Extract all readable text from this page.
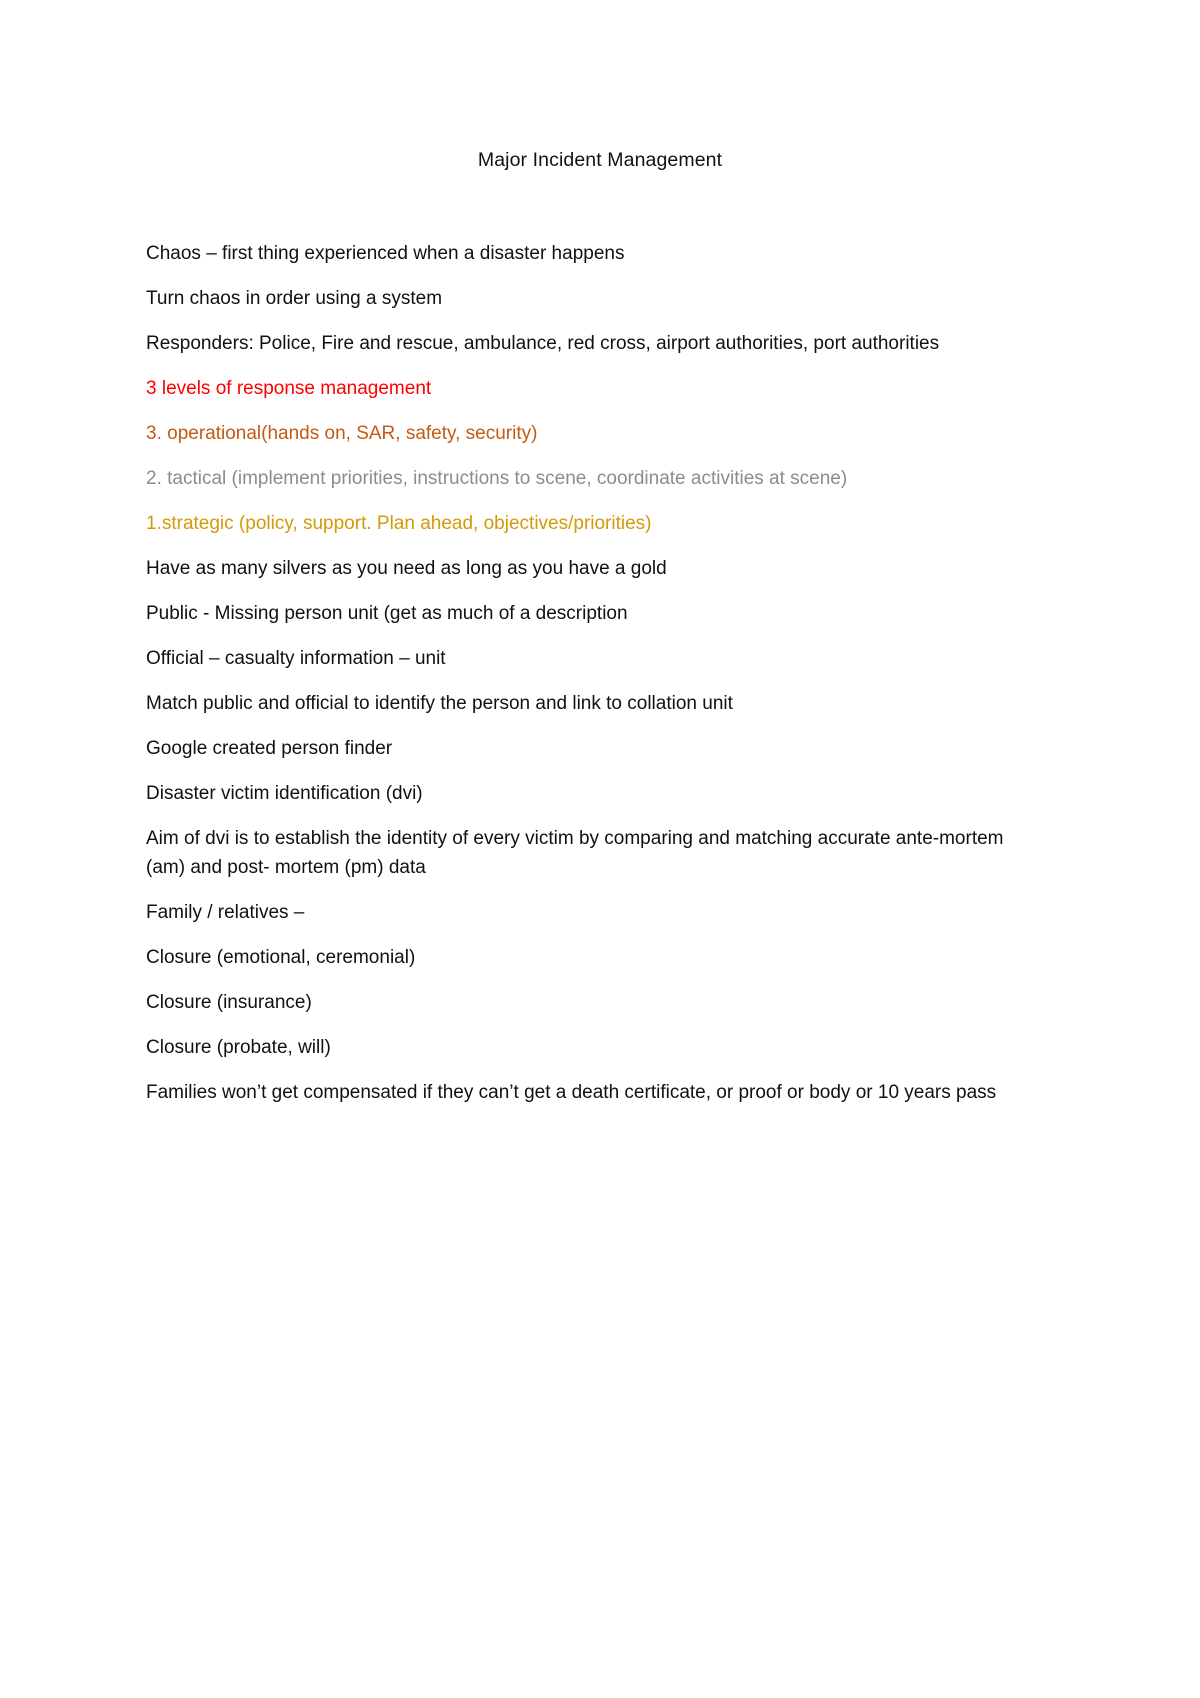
Major Incident Management

Chaos – first thing experienced when a disaster happens

Turn chaos in order using a system

Responders: Police, Fire and rescue, ambulance, red cross, airport authorities, port authorities

3 levels of response management

3. operational(hands on, SAR, safety, security)

2. tactical (implement priorities, instructions to scene, coordinate activities at scene)

1.strategic (policy, support. Plan ahead, objectives/priorities)

Have as many silvers as you need as long as you have a gold

Public - Missing person unit (get as much of a description

Official – casualty information – unit

Match public and official to identify the person and link to collation unit

Google created person finder

Disaster victim identification (dvi)

Aim of dvi is to establish the identity of every victim by comparing and matching accurate ante-mortem (am) and post- mortem (pm) data

Family / relatives –

Closure (emotional, ceremonial)

Closure (insurance)

Closure (probate, will)

Families won’t get compensated if they can’t get a death certificate, or proof or body or 10 years pass
